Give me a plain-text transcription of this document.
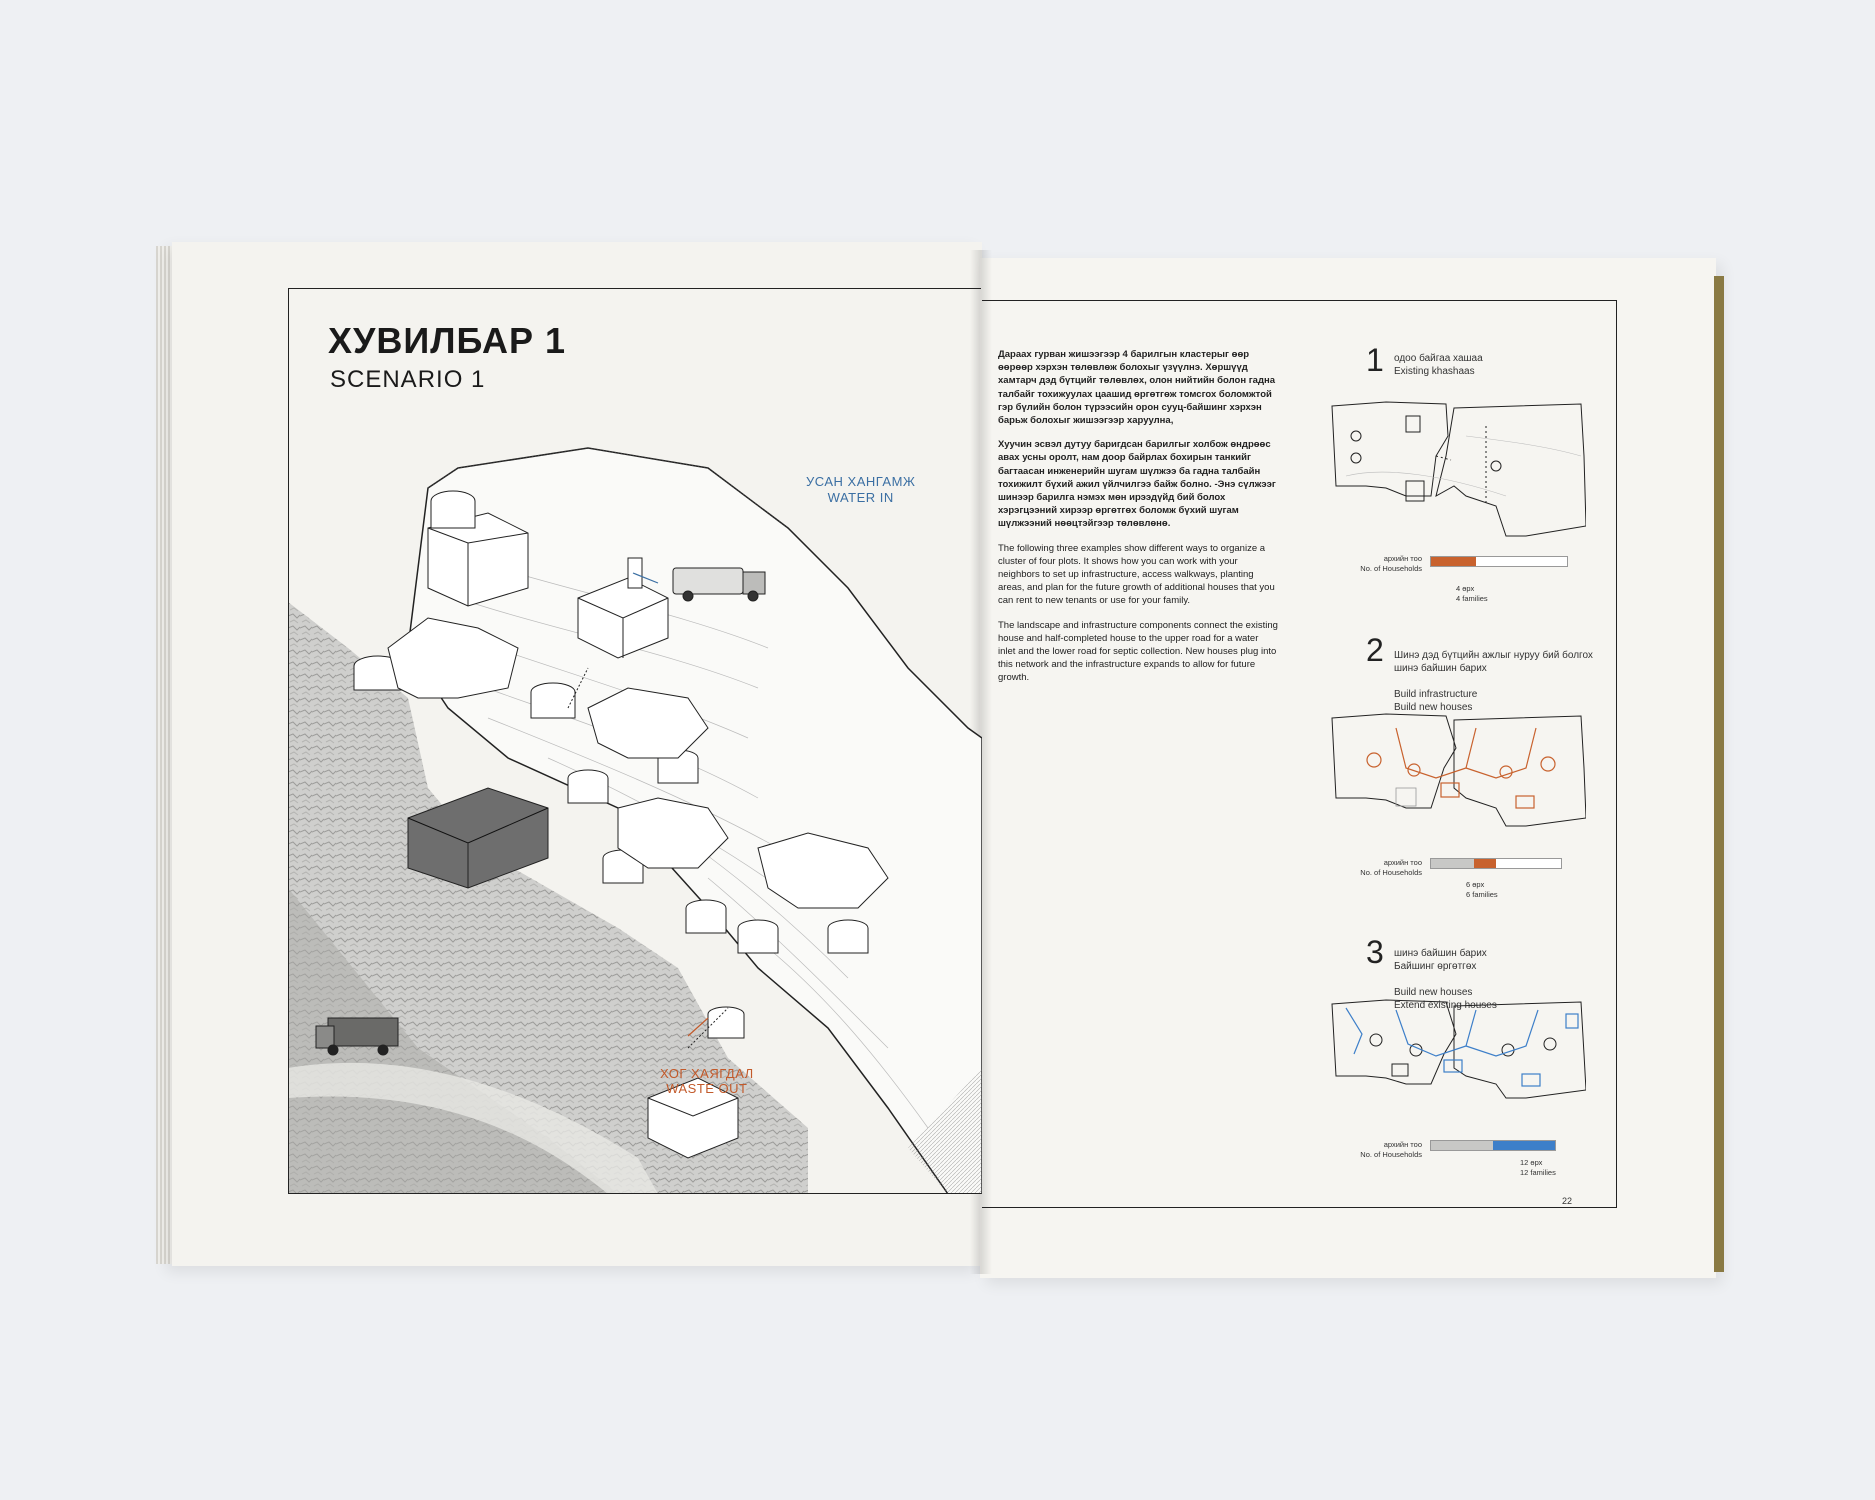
ХУВИЛБАР 1
SCENARIO 1
УСАН ХАНГАМЖ
WATER IN
ХОГ ХАЯГДАЛ
WASTE OUT

Дараах гурван жишээгээр 4 барилгын кластерыг өөр өөрөөр хэрхэн төлөвлөж болохыг үзүүлнэ. Хөршүүд хамтарч дэд бүтцийг төлөвлөх, олон нийтийн болон гадна талбайг тохижуулах цаашид өргөтгөж томсгох боломжтой гэр бүлийн болон түрээсийн орон сууц-байшинг хэрхэн барьж болохыг жишээгээр харуулна,

Хуучин эсвэл дутуу баригдсан барилгыг холбож өндрөөс авах усны оролт, нам доор байрлах бохирын танкийг багтаасан инженерийн шугам шүлжээ ба гадна талбайн тохижилт бүхий ажил үйлчилгээ байж болно. -Энэ сүлжээг шинээр барилга нэмэх мөн ирээдүйд бий болох хэрэгцээний хирээр өргөтгөх боломж бүхий шугам шүлжээний нөөцтэйгээр төлөвлөнө.

The following three examples show different ways to organize a cluster of four plots. It shows how you can work with your neighbors to set up infrastructure, access walkways, planting areas, and plan for the future growth of additional houses that you can rent to new tenants or use for your family.

The landscape and infrastructure components connect the existing house and half-completed house to the upper road for a water inlet and the lower road for septic collection. New houses plug into this network and the infrastructure expands to allow for future growth.

1 одоо байгаа хашаа
Existing khashaas
архийн тоо
No. of Households
4 өрх
4 families
2 Шинэ дэд бүтцийн ажлыг нуруу бий болгох
шинэ байшин барих

Build infrastructure
Build new houses

архийн тоо
No. of Households
6 өрх
6 families
3 шинэ байшин барих
Байшинг өргөтгөх

Build new houses
Extend existing houses

архийн тоо
No. of Households
12 өрх
12 families
22
